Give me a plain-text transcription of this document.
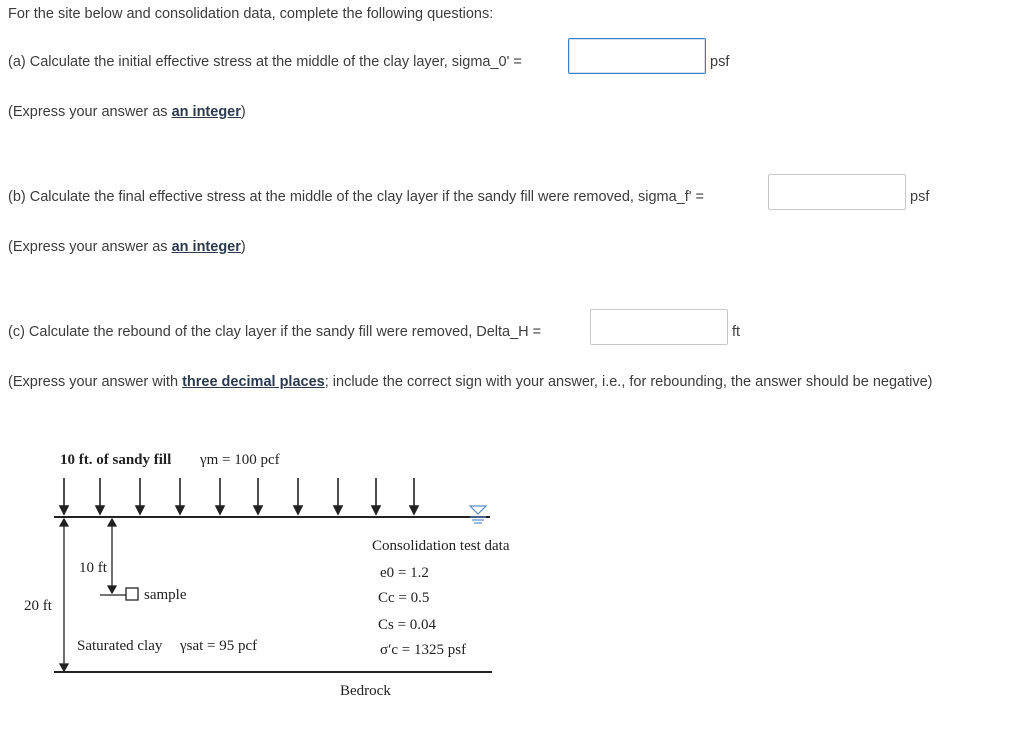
For the site below and consolidation data, complete the following questions:
(a) Calculate the initial effective stress at the middle of the clay layer, sigma_0' =	psf
(Express your answer as an integer)
(b) Calculate the final effective stress at the middle of the clay layer if the sandy fill were removed, sigma_f' =	psf
(Express your answer as an integer)
(c) Calculate the rebound of the clay layer if the sandy fill were removed, Delta_H =	ft
(Express your answer with three decimal places; include the correct sign with your answer, i.e., for rebounding, the answer should be negative)
10 ft. of sandy fill γm = 100 pcf
20 ft
10 ft
sample
Saturated clay γsat = 95 pcf
Consolidation test data
e0 = 1.2
Cc = 0.5
Cs = 0.04
σ′c = 1325 psf
Bedrock
